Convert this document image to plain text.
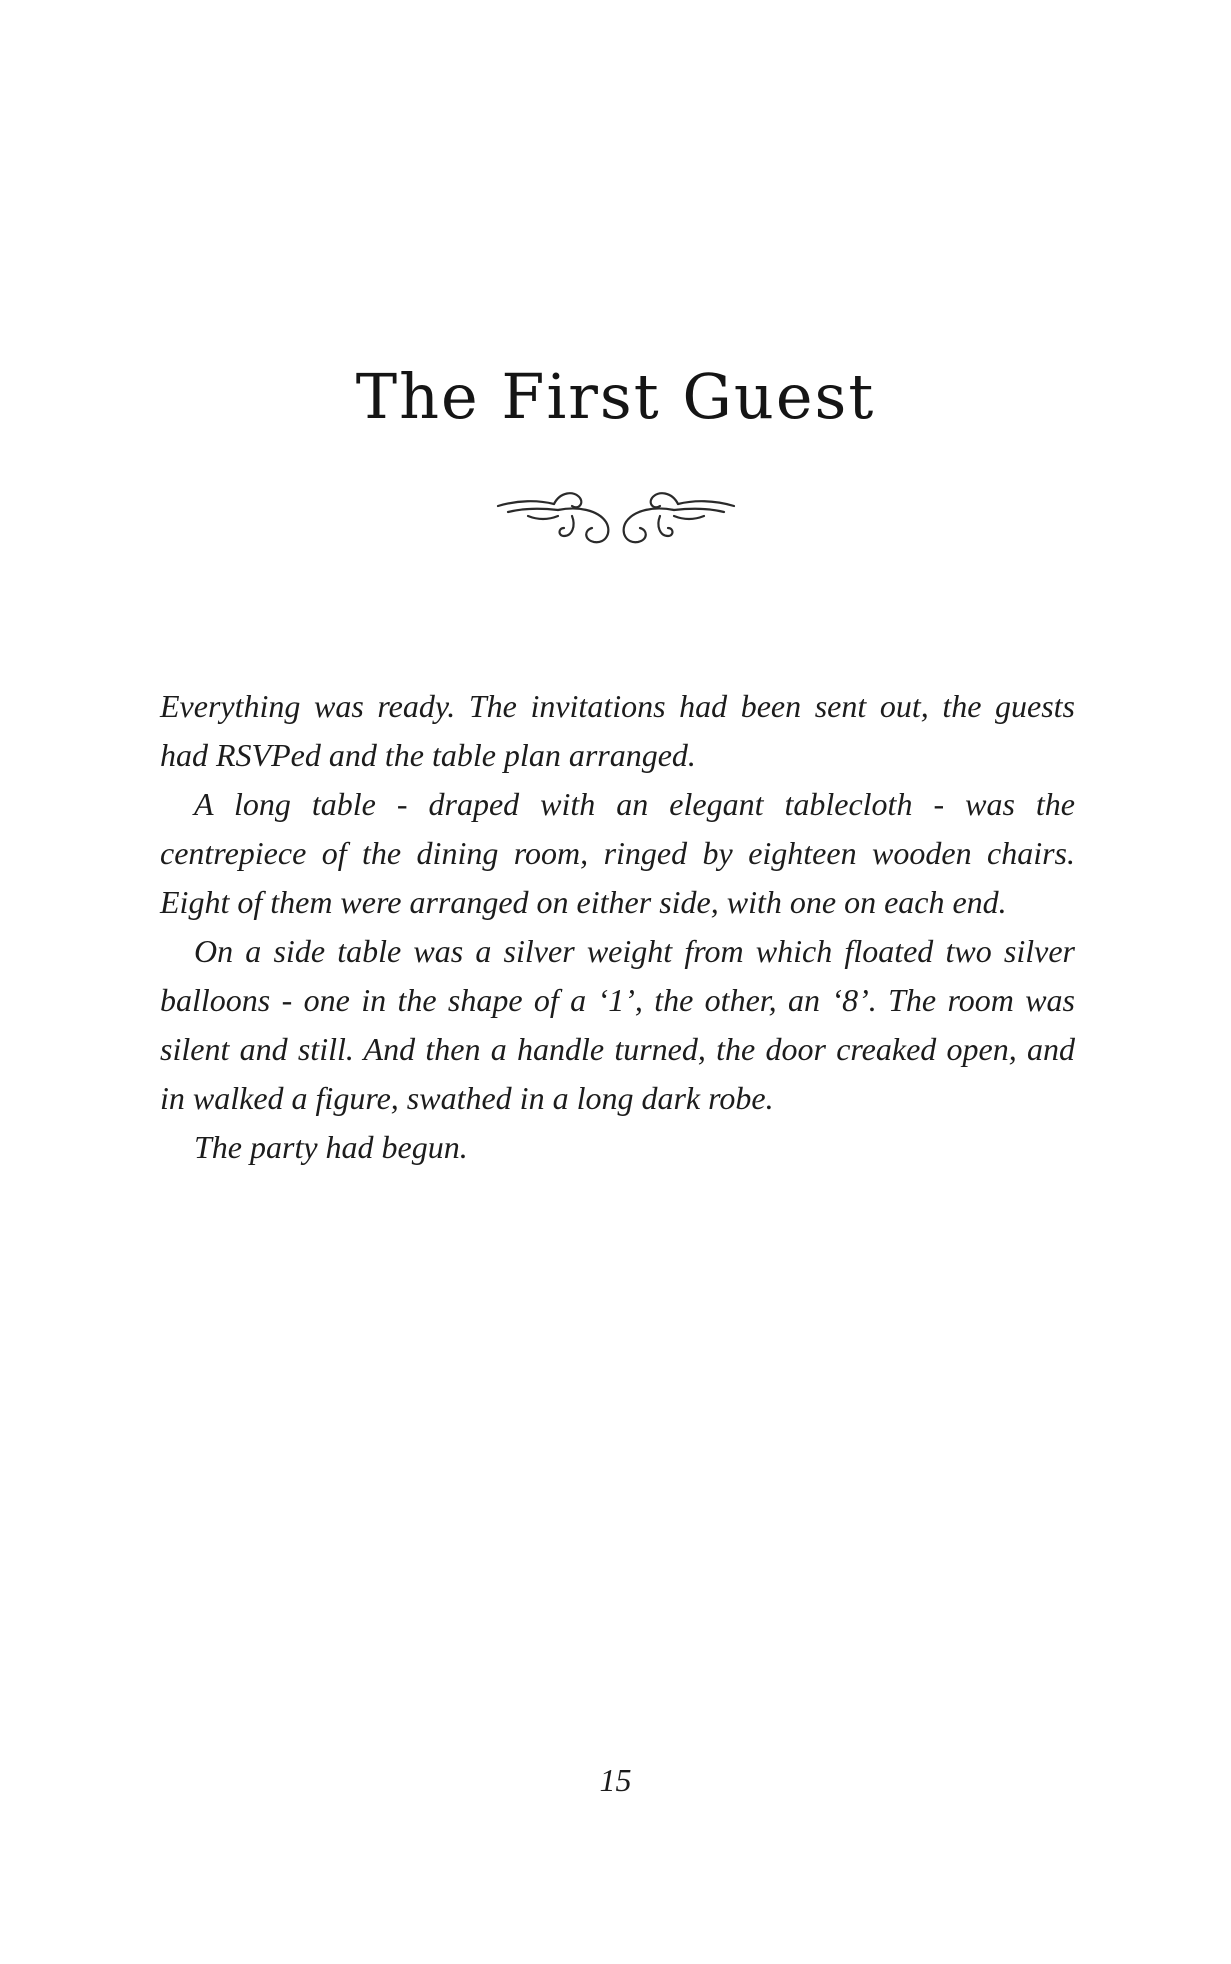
The First Guest

Everything was ready. The invitations had been sent out, the guests had RSVPed and the table plan arranged.

A long table - draped with an elegant tablecloth - was the centrepiece of the dining room, ringed by eighteen wooden chairs. Eight of them were arranged on either side, with one on each end.

On a side table was a silver weight from which floated two silver balloons - one in the shape of a ‘1’, the other, an ‘8’. The room was silent and still. And then a handle turned, the door creaked open, and in walked a figure, swathed in a long dark robe.

The party had begun.

15
